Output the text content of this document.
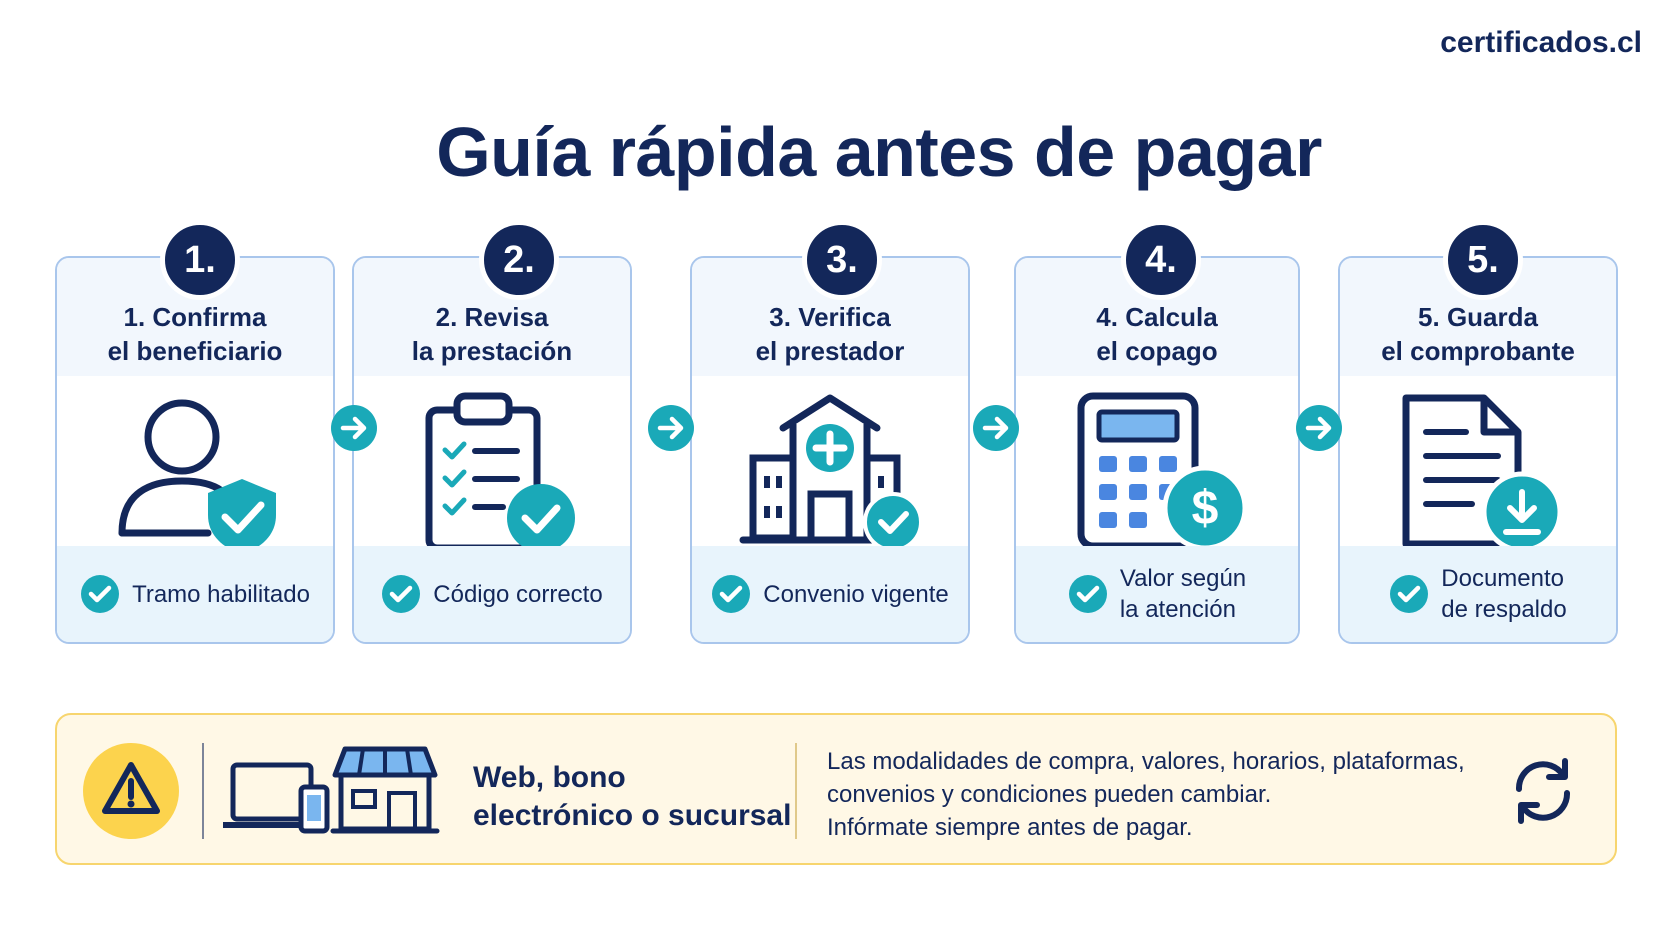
certificados.cl
Guía rápida antes de pagar
1. Confirma
el beneficiario
Tramo habilitado
2. Revisa
la prestación
Código correcto
3. Verifica
el prestador
Convenio vigente
4. Calcula
el copago
$
Valor según
la atención
5. Guarda
el comprobante
Documento
de respaldo
1.	2.	3.	4.	5.
Web, bono
electrónico o sucursal
Las modalidades de compra, valores, horarios, plataformas,
convenios y condiciones pueden cambiar.
Infórmate siempre antes de pagar.
